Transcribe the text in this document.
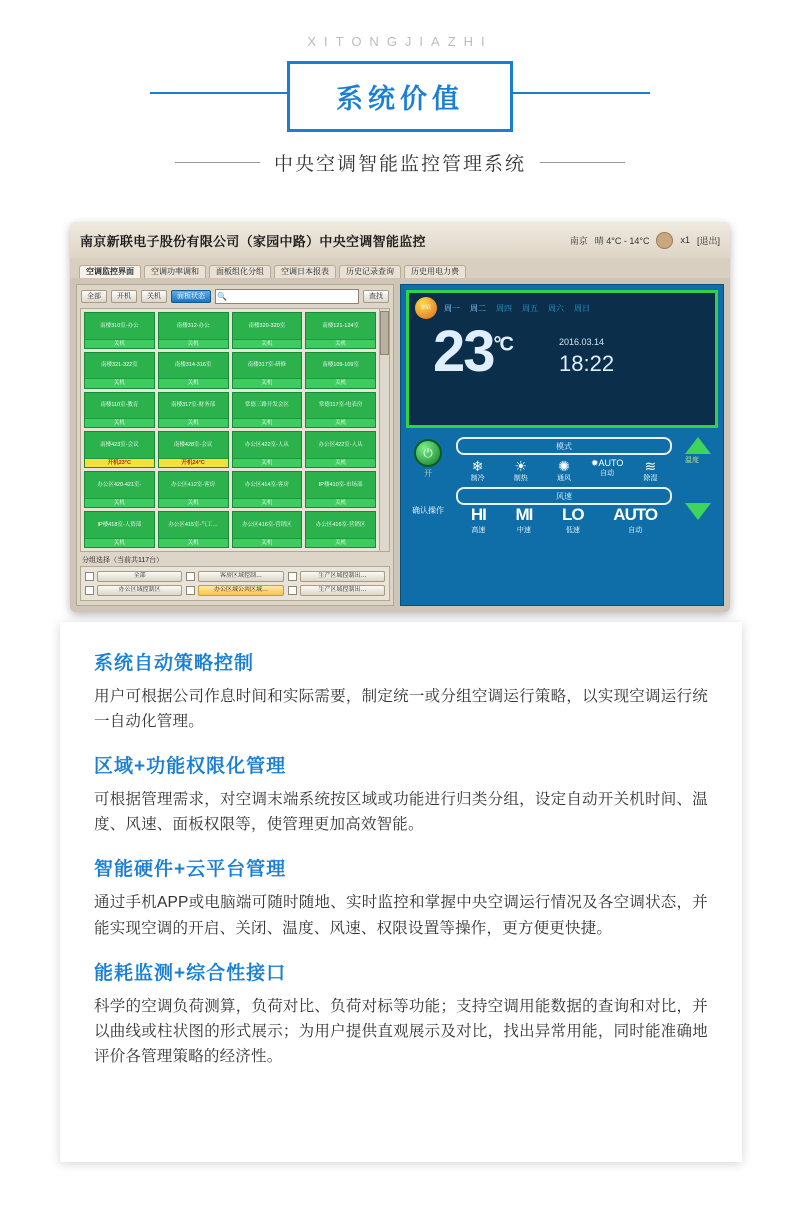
XITONGJIAZHI
系统价值
中央空调智能监控管理系统
南京新联电子股份有限公司（家园中路）中央空调智能监控	南京 晴 4°C - 14°C	x1 [退出]
空调监控界面	空调功率调和	面板组化分组	空调日本报表	历史记录查询	历史用电力费
全部	开机	关机	面板状态	🔍	查找
南楼310室-办公
关机
南楼312-办公
关机
南楼320-320室
关机
南楼121-124室
关机
南楼321-322室
关机
南楼314-316室
关机
南楼317室-研修
关机
南楼109-109室
关机
南楼110室-教育
关机
南楼317室-财务部
关机
常德三路开发会区
关机
常德117室-电表房
关机
南楼423室-会议
开机23°C
南楼428室-会议
开机24°C
办公区422室-人从
关机
办公区422室-人从
关机
办公区420-421室-
关机
办公区412室-客房
关机
办公区414室-客房
关机
IP楼410室-市场部
关机
IP楼418室-人资部
关机
办公区415室-气工…
关机
办公区416室-营销区
关机
办公区416室-营销区
关机
分组选择（当前共117台）
全部	客房区域控制…	生产区域控制出…
办公区域控制区	办公区域公共区域…	生产区域控制出…
新联	周一 周二 周四 周五 周六 周日
$23^{^\circ C}$	2016.03.14
18:22
⏻
开
模式
❄
制冷
☀
制热
✺
通风
✹AUTO
自动	≋
除湿
温度
确认操作
风速
HI
高速
MI
中速
LO
低速
AUTO
自动
系统自动策略控制

用户可根据公司作息时间和实际需要，制定统一或分组空调运行策略，以实现空调运行统一自动化管理。

区域+功能权限化管理

可根据管理需求，对空调末端系统按区域或功能进行归类分组，设定自动开关机时间、温度、风速、面板权限等，使管理更加高效智能。

智能硬件+云平台管理

通过手机APP或电脑端可随时随地、实时监控和掌握中央空调运行情况及各空调状态，并能实现空调的开启、关闭、温度、风速、权限设置等操作，更方便更快捷。

能耗监测+综合性接口

科学的空调负荷测算，负荷对比、负荷对标等功能；支持空调用能数据的查询和对比，并以曲线或柱状图的形式展示；为用户提供直观展示及对比，找出异常用能，同时能准确地评价各管理策略的经济性。
